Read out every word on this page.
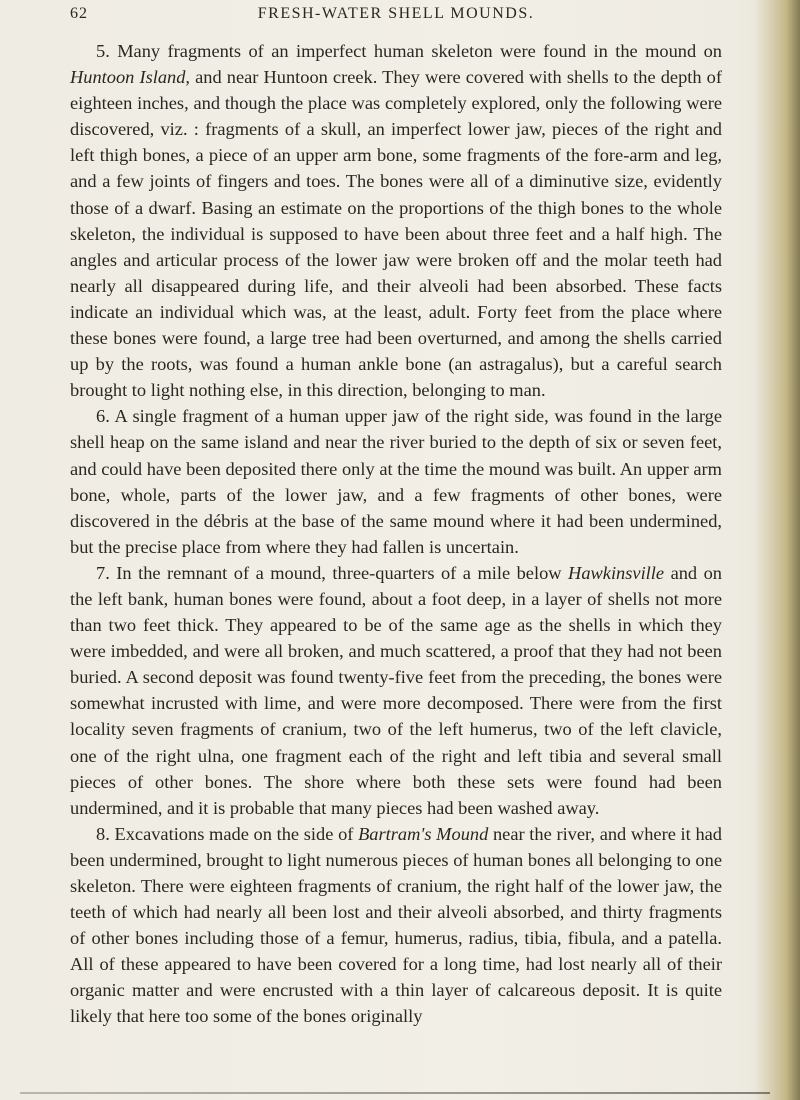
62	FRESH-WATER SHELL MOUNDS.

5. Many fragments of an imperfect human skeleton were found in the mound on Huntoon Island, and near Huntoon creek. They were covered with shells to the depth of eighteen inches, and though the place was completely explored, only the following were discovered, viz. : fragments of a skull, an imperfect lower jaw, pieces of the right and left thigh bones, a piece of an upper arm bone, some fragments of the fore-arm and leg, and a few joints of fingers and toes. The bones were all of a diminutive size, evidently those of a dwarf. Basing an estimate on the proportions of the thigh bones to the whole skeleton, the individual is supposed to have been about three feet and a half high. The angles and articular process of the lower jaw were broken off and the molar teeth had nearly all disappeared during life, and their alveoli had been absorbed. These facts indicate an individual which was, at the least, adult. Forty feet from the place where these bones were found, a large tree had been overturned, and among the shells carried up by the roots, was found a human ankle bone (an astragalus), but a careful search brought to light nothing else, in this direction, belonging to man.

6. A single fragment of a human upper jaw of the right side, was found in the large shell heap on the same island and near the river buried to the depth of six or seven feet, and could have been deposited there only at the time the mound was built. An upper arm bone, whole, parts of the lower jaw, and a few fragments of other bones, were discovered in the débris at the base of the same mound where it had been undermined, but the precise place from where they had fallen is uncertain.

7. In the remnant of a mound, three-quarters of a mile below Hawkinsville and on the left bank, human bones were found, about a foot deep, in a layer of shells not more than two feet thick. They appeared to be of the same age as the shells in which they were imbedded, and were all broken, and much scattered, a proof that they had not been buried. A second deposit was found twenty-five feet from the preceding, the bones were somewhat incrusted with lime, and were more decomposed. There were from the first locality seven fragments of cranium, two of the left humerus, two of the left clavicle, one of the right ulna, one fragment each of the right and left tibia and several small pieces of other bones. The shore where both these sets were found had been undermined, and it is probable that many pieces had been washed away.

8. Excavations made on the side of Bartram's Mound near the river, and where it had been undermined, brought to light numerous pieces of human bones all belonging to one skeleton. There were eighteen fragments of cranium, the right half of the lower jaw, the teeth of which had nearly all been lost and their alveoli absorbed, and thirty fragments of other bones including those of a femur, humerus, radius, tibia, fibula, and a patella. All of these appeared to have been covered for a long time, had lost nearly all of their organic matter and were encrusted with a thin layer of calcareous deposit. It is quite likely that here too some of the bones originally
